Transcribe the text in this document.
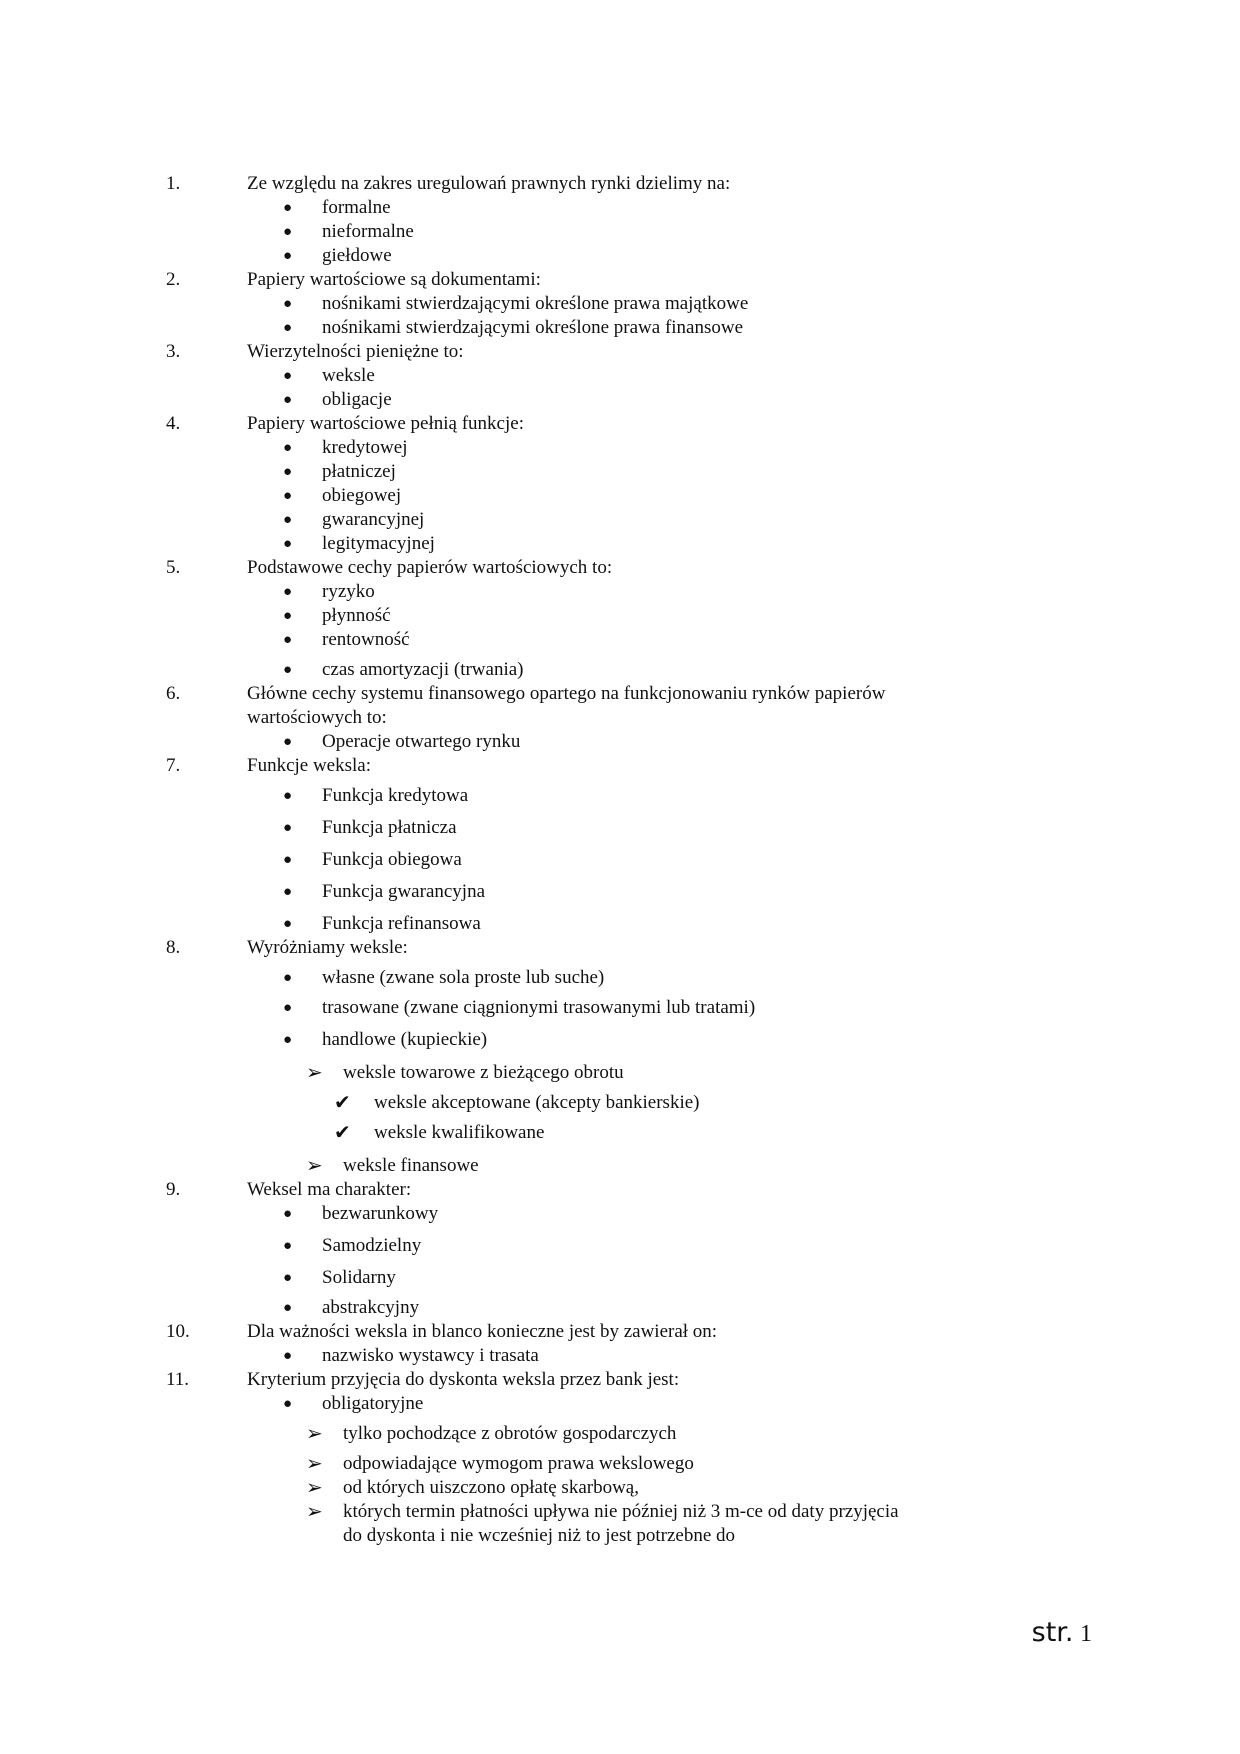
1.	Ze względu na zakres uregulowań prawnych rynki dzielimy na:
● formalne
● nieformalne
● giełdowe
2.	Papiery wartościowe są dokumentami:
● nośnikami stwierdzającymi określone prawa majątkowe
● nośnikami stwierdzającymi określone prawa finansowe
3.	Wierzytelności pieniężne to:
● weksle
● obligacje
4.	Papiery wartościowe pełnią funkcje:
● kredytowej
● płatniczej
● obiegowej
● gwarancyjnej
● legitymacyjnej
5.	Podstawowe cechy papierów wartościowych to:
● ryzyko
● płynność
● rentowność
● czas amortyzacji (trwania)
6.	Główne cechy systemu finansowego opartego na funkcjonowaniu rynków papierów wartościowych to:
● Operacje otwartego rynku
7.	Funkcje weksla:
● Funkcja kredytowa
● Funkcja płatnicza
● Funkcja obiegowa
● Funkcja gwarancyjna
● Funkcja refinansowa
8.	Wyróżniamy weksle:
● własne (zwane sola proste lub suche)
● trasowane (zwane ciągnionymi trasowanymi lub tratami)
● handlowe (kupieckie)
➢ weksle towarowe z bieżącego obrotu
✔ weksle akceptowane (akcepty bankierskie)
✔ weksle kwalifikowane
➢ weksle finansowe
9.	Weksel ma charakter:
● bezwarunkowy
● Samodzielny
● Solidarny
● abstrakcyjny
10.	Dla ważności weksla in blanco konieczne jest by zawierał on:
● nazwisko wystawcy i trasata
11.	Kryterium przyjęcia do dyskonta weksla przez bank jest:
● obligatoryjne
➢ tylko pochodzące z obrotów gospodarczych
➢ odpowiadające wymogom prawa wekslowego
➢ od których uiszczono opłatę skarbową,
➢ których termin płatności upływa nie później niż 3 m-ce od daty przyjęcia do dyskonta i nie wcześniej niż to jest potrzebne do
str. 1
